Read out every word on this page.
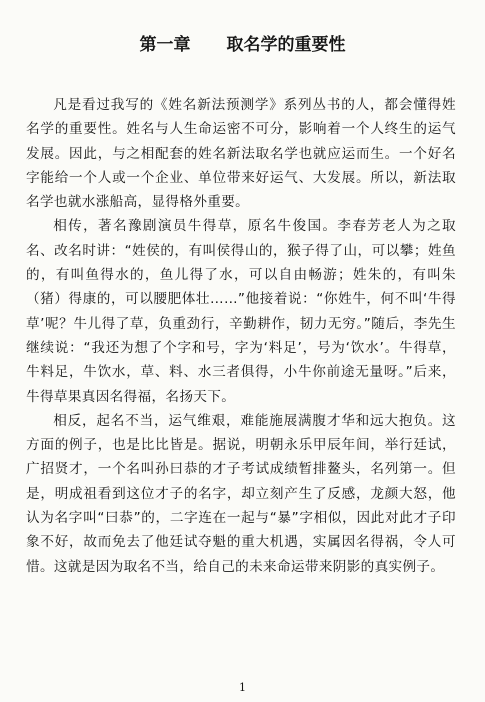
第一章 取名学的重要性

凡是看过我写的《姓名新法预测学》系列丛书的人，都会懂得姓名学的重要性。姓名与人生命运密不可分，影响着一个人终生的运气发展。因此，与之相配套的姓名新法取名学也就应运而生。一个好名字能给一个人或一个企业、单位带来好运气、大发展。所以，新法取名学也就水涨船高，显得格外重要。

相传，著名豫剧演员牛得草，原名牛俊国。李春芳老人为之取名、改名时讲：“姓侯的，有叫侯得山的，猴子得了山，可以攀；姓鱼的，有叫鱼得水的，鱼儿得了水，可以自由畅游；姓朱的，有叫朱（猪）得康的，可以腰肥体壮……”他接着说：“你姓牛，何不叫‘牛得草’呢？牛儿得了草，负重劲行，辛勤耕作，韧力无穷。”随后，李先生继续说：“我还为想了个字和号，字为‘料足’，号为‘饮水’。牛得草，牛料足，牛饮水，草、料、水三者俱得，小牛你前途无量呀。”后来，牛得草果真因名得福，名扬天下。

相反，起名不当，运气维艰，难能施展满腹才华和远大抱负。这方面的例子，也是比比皆是。据说，明朝永乐甲辰年间，举行廷试，广招贤才，一个名叫孙曰恭的才子考试成绩暂排鳌头，名列第一。但是，明成祖看到这位才子的名字，却立刻产生了反感，龙颜大怒，他认为名字叫“曰恭”的，二字连在一起与“暴”字相似，因此对此才子印象不好，故而免去了他廷试夺魁的重大机遇，实属因名得祸，令人可惜。这就是因为取名不当，给自己的未来命运带来阴影的真实例子。

1
